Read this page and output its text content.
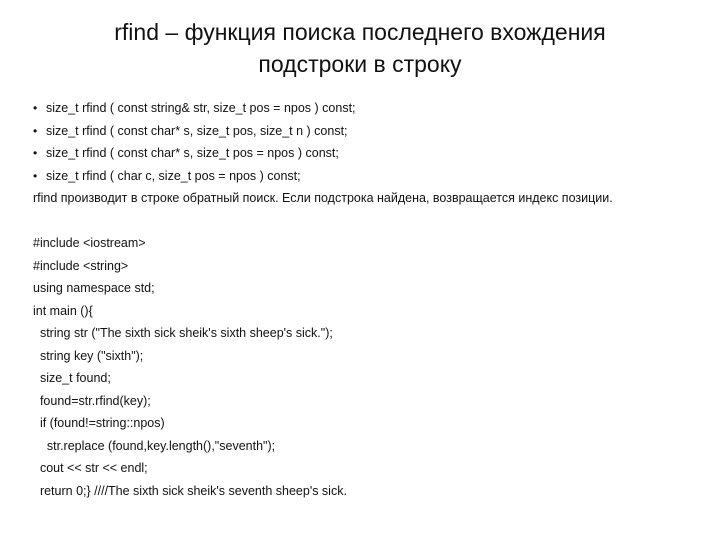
rfind – функция поиска последнего вхождения
подстроки в строку
• size_t rfind ( const string& str, size_t pos = npos ) const;
• size_t rfind ( const char* s, size_t pos, size_t n ) const;
• size_t rfind ( const char* s, size_t pos = npos ) const;
• size_t rfind ( char c, size_t pos = npos ) const;
rfind производит в строке обратный поиск. Если подстрока найдена, возвращается индекс позиции.
#include <iostream>
#include <string>
using namespace std;
int main (){
string str ("The sixth sick sheik's sixth sheep's sick.");
string key ("sixth");
size_t found;
found=str.rfind(key);
if (found!=string::npos)
str.replace (found,key.length(),"seventh");
cout << str << endl;
return 0;} ////The sixth sick sheik's seventh sheep's sick.
